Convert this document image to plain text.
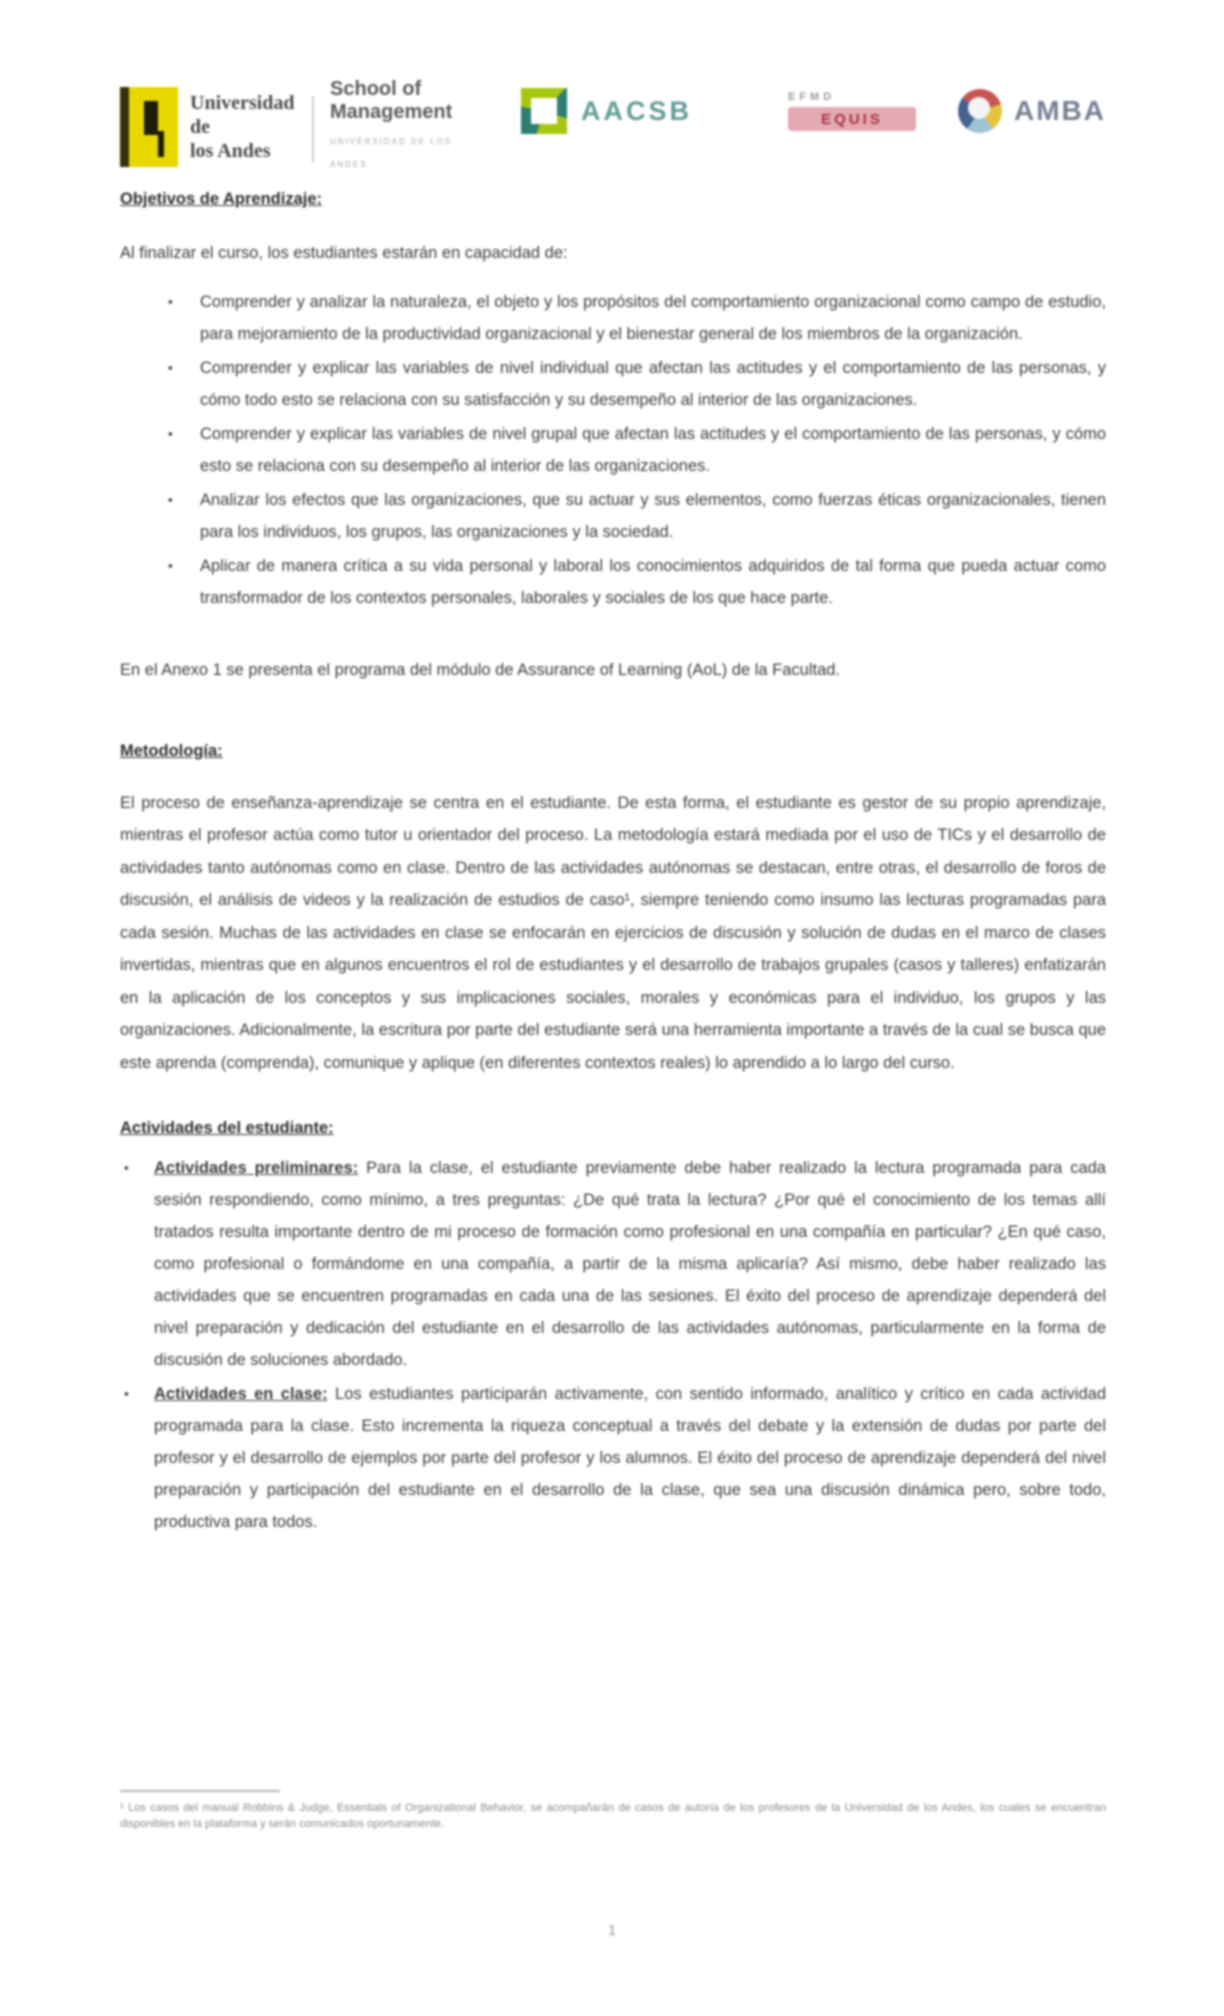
Universidad de
los Andes
School of
Management
UNIVERSIDAD DE LOS ANDES
AACSB	EFMD
EQUIS	AMBA

Objetivos de Aprendizaje:

Al finalizar el curso, los estudiantes estarán en capacidad de:

▪ Comprender y analizar la naturaleza, el objeto y los propósitos del comportamiento organizacional como campo de estudio, para mejoramiento de la productividad organizacional y el bienestar general de los miembros de la organización.
▪ Comprender y explicar las variables de nivel individual que afectan las actitudes y el comportamiento de las personas, y cómo todo esto se relaciona con su satisfacción y su desempeño al interior de las organizaciones.
▪ Comprender y explicar las variables de nivel grupal que afectan las actitudes y el comportamiento de las personas, y cómo esto se relaciona con su desempeño al interior de las organizaciones.
▪ Analizar los efectos que las organizaciones, que su actuar y sus elementos, como fuerzas éticas organizacionales, tienen para los individuos, los grupos, las organizaciones y la sociedad.
▪ Aplicar de manera crítica a su vida personal y laboral los conocimientos adquiridos de tal forma que pueda actuar como transformador de los contextos personales, laborales y sociales de los que hace parte.

En el Anexo 1 se presenta el programa del módulo de Assurance of Learning (AoL) de la Facultad.

Metodología:

El proceso de enseñanza-aprendizaje se centra en el estudiante. De esta forma, el estudiante es gestor de su propio aprendizaje, mientras el profesor actúa como tutor u orientador del proceso. La metodología estará mediada por el uso de TICs y el desarrollo de actividades tanto autónomas como en clase. Dentro de las actividades autónomas se destacan, entre otras, el desarrollo de foros de discusión, el análisis de videos y la realización de estudios de caso¹, siempre teniendo como insumo las lecturas programadas para cada sesión. Muchas de las actividades en clase se enfocarán en ejercicios de discusión y solución de dudas en el marco de clases invertidas, mientras que en algunos encuentros el rol de estudiantes y el desarrollo de trabajos grupales (casos y talleres) enfatizarán en la aplicación de los conceptos y sus implicaciones sociales, morales y económicas para el individuo, los grupos y las organizaciones. Adicionalmente, la escritura por parte del estudiante será una herramienta importante a través de la cual se busca que este aprenda (comprenda), comunique y aplique (en diferentes contextos reales) lo aprendido a lo largo del curso.

Actividades del estudiante:

▪ Actividades preliminares: Para la clase, el estudiante previamente debe haber realizado la lectura programada para cada sesión respondiendo, como mínimo, a tres preguntas: ¿De qué trata la lectura? ¿Por qué el conocimiento de los temas allí tratados resulta importante dentro de mi proceso de formación como profesional en una compañía en particular? ¿En qué caso, como profesional o formándome en una compañía, a partir de la misma aplicaría? Así mismo, debe haber realizado las actividades que se encuentren programadas en cada una de las sesiones. El éxito del proceso de aprendizaje dependerá del nivel preparación y dedicación del estudiante en el desarrollo de las actividades autónomas, particularmente en la forma de discusión de soluciones abordado.
▪ Actividades en clase: Los estudiantes participarán activamente, con sentido informado, analítico y crítico en cada actividad programada para la clase. Esto incrementa la riqueza conceptual a través del debate y la extensión de dudas por parte del profesor y el desarrollo de ejemplos por parte del profesor y los alumnos. El éxito del proceso de aprendizaje dependerá del nivel preparación y participación del estudiante en el desarrollo de la clase, que sea una discusión dinámica pero, sobre todo, productiva para todos.
¹ Los casos del manual Robbins & Judge, Essentials of Organizational Behavior, se acompañarán de casos de autoría de los profesores de la Universidad de los Andes, los cuales se encuentran disponibles en la plataforma y serán comunicados oportunamente.
1
